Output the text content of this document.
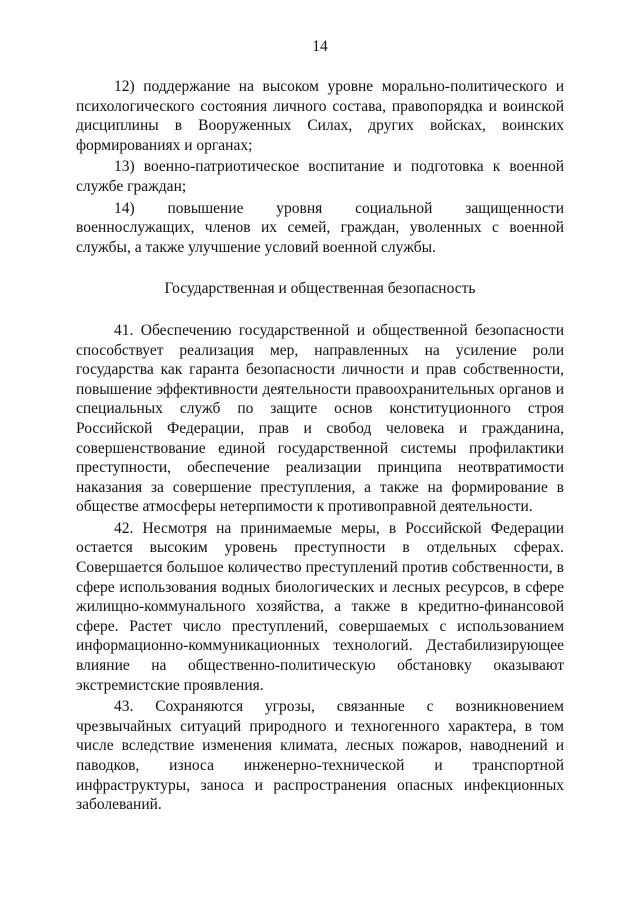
14

12) поддержание на высоком уровне морально-политического и психологического состояния личного состава, правопорядка и воинской дисциплины в Вооруженных Силах, других войсках, воинских формированиях и органах;

13) военно-патриотическое воспитание и подготовка к военной службе граждан;

14) повышение уровня социальной защищенности военнослужащих, членов их семей, граждан, уволенных с военной службы, а также улучшение условий военной службы.

Государственная и общественная безопасность

41. Обеспечению государственной и общественной безопасности способствует реализация мер, направленных на усиление роли государства как гаранта безопасности личности и прав собственности, повышение эффективности деятельности правоохранительных органов и специальных служб по защите основ конституционного строя Российской Федерации, прав и свобод человека и гражданина, совершенствование единой государственной системы профилактики преступности, обеспечение реализации принципа неотвратимости наказания за совершение преступления, а также на формирование в обществе атмосферы нетерпимости к противоправной деятельности.

42. Несмотря на принимаемые меры, в Российской Федерации остается высоким уровень преступности в отдельных сферах. Совершается большое количество преступлений против собственности, в сфере использования водных биологических и лесных ресурсов, в сфере жилищно-коммунального хозяйства, а также в кредитно-финансовой сфере. Растет число преступлений, совершаемых с использованием информационно-коммуникационных технологий. Дестабилизирующее влияние на общественно-политическую обстановку оказывают экстремистские проявления.

43. Сохраняются угрозы, связанные с возникновением чрезвычайных ситуаций природного и техногенного характера, в том числе вследствие изменения климата, лесных пожаров, наводнений и паводков, износа инженерно-технической и транспортной инфраструктуры, заноса и распространения опасных инфекционных заболеваний.
